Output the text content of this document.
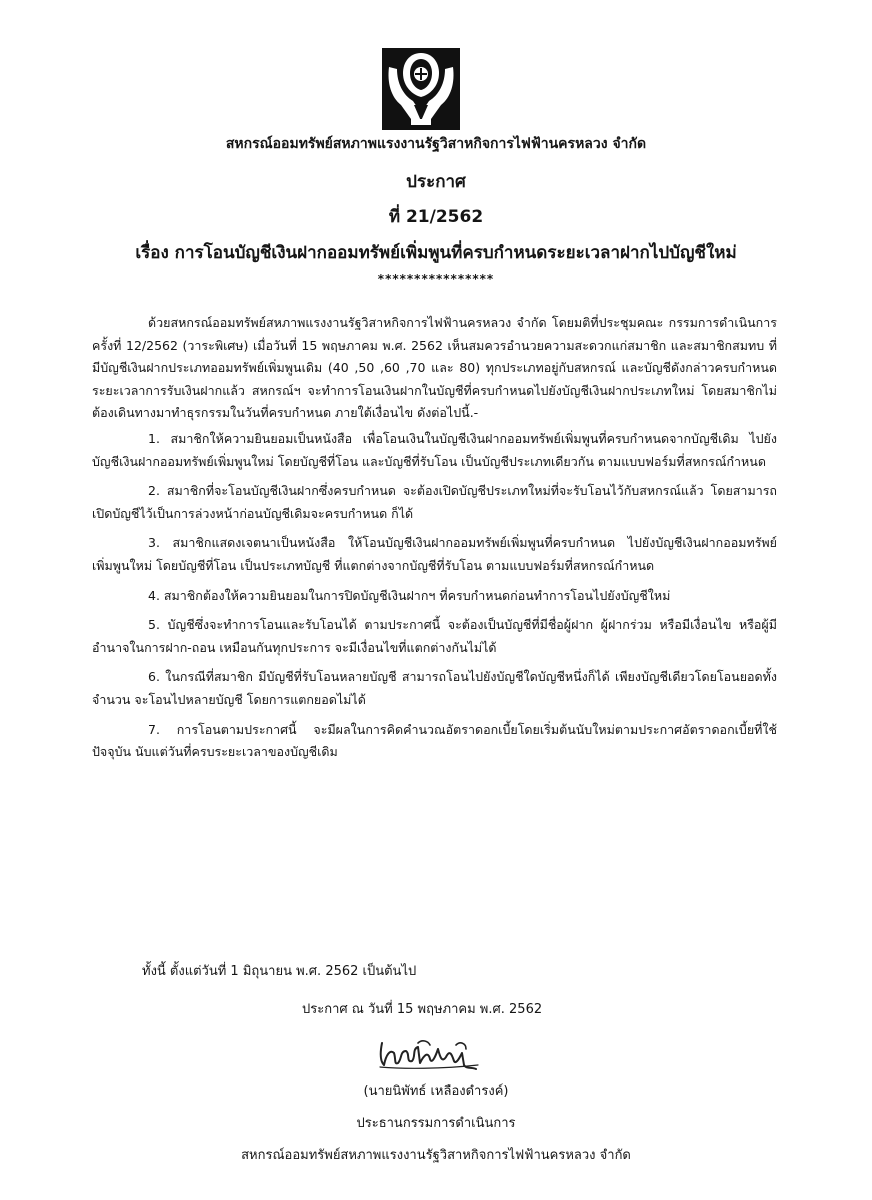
สหกรณ์ออมทรัพย์สหภาพแรงงานรัฐวิสาหกิจการไฟฟ้านครหลวง จำกัด
ประกาศ
ที่ 21/2562
เรื่อง การโอนบัญชีเงินฝากออมทรัพย์เพิ่มพูนที่ครบกำหนดระยะเวลาฝากไปบัญชีใหม่
****************

ด้วยสหกรณ์ออมทรัพย์สหภาพแรงงานรัฐวิสาหกิจการไฟฟ้านครหลวง จำกัด โดยมติที่ประชุมคณะ กรรมการดำเนินการ ครั้งที่ 12/2562 (วาระพิเศษ) เมื่อวันที่ 15 พฤษภาคม พ.ศ. 2562 เห็นสมควรอำนวยความสะดวกแก่สมาชิก และสมาชิกสมทบ ที่มีบัญชีเงินฝากประเภทออมทรัพย์เพิ่มพูนเดิม (40 ,50 ,60 ,70 และ 80) ทุกประเภทอยู่กับสหกรณ์ และบัญชีดังกล่าวครบกำหนดระยะเวลาการรับเงินฝากแล้ว สหกรณ์ฯ จะทำการโอนเงินฝากในบัญชีที่ครบกำหนดไปยังบัญชีเงินฝากประเภทใหม่ โดยสมาชิกไม่ต้องเดินทางมาทำธุรกรรมในวันที่ครบกำหนด ภายใต้เงื่อนไข ดังต่อไปนี้.-

1. สมาชิกให้ความยินยอมเป็นหนังสือ เพื่อโอนเงินในบัญชีเงินฝากออมทรัพย์เพิ่มพูนที่ครบกำหนดจากบัญชีเดิม ไปยังบัญชีเงินฝากออมทรัพย์เพิ่มพูนใหม่ โดยบัญชีที่โอน และบัญชีที่รับโอน เป็นบัญชีประเภทเดียวกัน ตามแบบฟอร์มที่สหกรณ์กำหนด

2. สมาชิกที่จะโอนบัญชีเงินฝากซึ่งครบกำหนด จะต้องเปิดบัญชีประเภทใหม่ที่จะรับโอนไว้กับสหกรณ์แล้ว โดยสามารถเปิดบัญชีไว้เป็นการล่วงหน้าก่อนบัญชีเดิมจะครบกำหนด ก็ได้

3. สมาชิกแสดงเจตนาเป็นหนังสือ ให้โอนบัญชีเงินฝากออมทรัพย์เพิ่มพูนที่ครบกำหนด ไปยังบัญชีเงินฝากออมทรัพย์เพิ่มพูนใหม่ โดยบัญชีที่โอน เป็นประเภทบัญชี ที่แตกต่างจากบัญชีที่รับโอน ตามแบบฟอร์มที่สหกรณ์กำหนด

4. สมาชิกต้องให้ความยินยอมในการปิดบัญชีเงินฝากฯ ที่ครบกำหนดก่อนทำการโอนไปยังบัญชีใหม่

5. บัญชีซึ่งจะทำการโอนและรับโอนได้ ตามประกาศนี้ จะต้องเป็นบัญชีที่มีชื่อผู้ฝาก ผู้ฝากร่วม หรือมีเงื่อนไข หรือผู้มีอำนาจในการฝาก-ถอน เหมือนกันทุกประการ จะมีเงื่อนไขที่แตกต่างกันไม่ได้

6. ในกรณีที่สมาชิก มีบัญชีที่รับโอนหลายบัญชี สามารถโอนไปยังบัญชีใดบัญชีหนึ่งก็ได้ เพียงบัญชีเดียวโดยโอนยอดทั้งจำนวน จะโอนไปหลายบัญชี โดยการแตกยอดไม่ได้

7. การโอนตามประกาศนี้ จะมีผลในการคิดคำนวณอัตราดอกเบี้ยโดยเริ่มต้นนับใหม่ตามประกาศอัตราดอกเบี้ยที่ใช้ปัจจุบัน นับแต่วันที่ครบระยะเวลาของบัญชีเดิม

ทั้งนี้ ตั้งแต่วันที่ 1 มิถุนายน พ.ศ. 2562 เป็นต้นไป
ประกาศ ณ วันที่ 15 พฤษภาคม พ.ศ. 2562
(นายนิพัทธ์ เหลืองดำรงค์)
ประธานกรรมการดำเนินการ
สหกรณ์ออมทรัพย์สหภาพแรงงานรัฐวิสาหกิจการไฟฟ้านครหลวง จำกัด
